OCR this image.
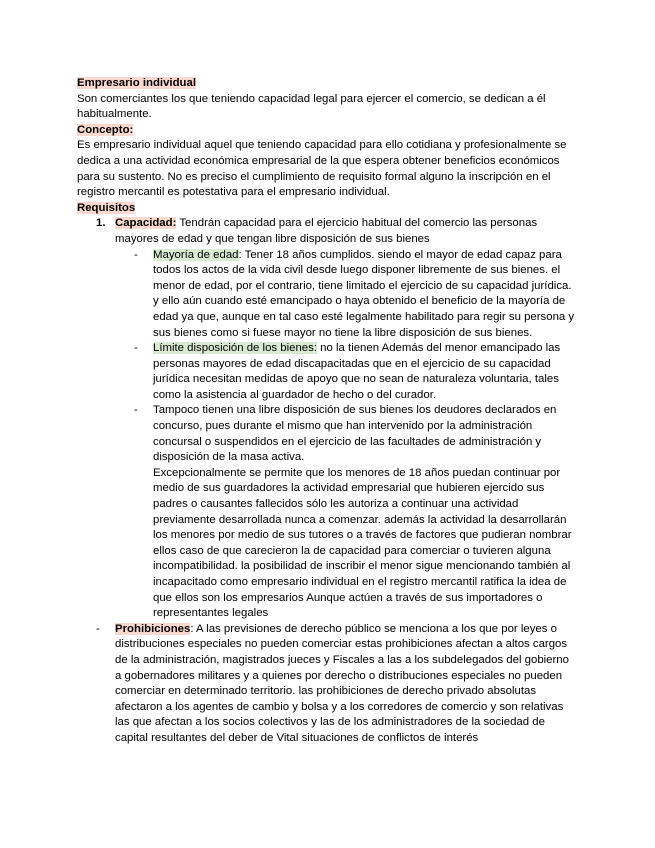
Empresario individual

Son comerciantes los que teniendo capacidad legal para ejercer el comercio, se dedican a él habitualmente.

Concepto:

Es empresario individual aquel que teniendo capacidad para ello cotidiana y profesionalmente se dedica a una actividad económica empresarial de la que espera obtener beneficios económicos para su sustento. No es preciso el cumplimiento de requisito formal alguno la inscripción en el registro mercantil es potestativa para el empresario individual.

Requisitos

1. Capacidad: Tendrán capacidad para el ejercicio habitual del comercio las personas mayores de edad y que tengan libre disposición de sus bienes
- Mayoría de edad: Tener 18 años cumplidos. siendo el mayor de edad capaz para todos los actos de la vida civil desde luego disponer libremente de sus bienes. el menor de edad, por el contrario, tiene limitado el ejercicio de su capacidad jurídica. y ello aún cuando esté emancipado o haya obtenido el beneficio de la mayoría de edad ya que, aunque en tal caso esté legalmente habilitado para regir su persona y sus bienes como si fuese mayor no tiene la libre disposición de sus bienes.
- Límite disposición de los bienes: no la tienen Además del menor emancipado las personas mayores de edad discapacitadas que en el ejercicio de su capacidad jurídica necesitan medidas de apoyo que no sean de naturaleza voluntaria, tales como la asistencia al guardador de hecho o del curador.
- Tampoco tienen una libre disposición de sus bienes los deudores declarados en concurso, pues durante el mismo que han intervenido por la administración concursal o suspendidos en el ejercicio de las facultades de administración y disposición de la masa activa.

Excepcionalmente se permite que los menores de 18 años puedan continuar por medio de sus guardadores la actividad empresarial que hubieren ejercido sus padres o causantes fallecidos sólo les autoriza a continuar una actividad previamente desarrollada nunca a comenzar. además la actividad la desarrollarán los menores por medio de sus tutores o a través de factores que pudieran nombrar ellos caso de que carecieron la de capacidad para comerciar o tuvieren alguna incompatibilidad. la posibilidad de inscribir el menor sigue mencionando también al incapacitado como empresario individual en el registro mercantil ratifica la idea de que ellos son los empresarios Aunque actúen a través de sus importadores o representantes legales

- Prohibiciones: A las previsiones de derecho público se menciona a los que por leyes o distribuciones especiales no pueden comerciar estas prohibiciones afectan a altos cargos de la administración, magistrados jueces y Fiscales a las a los subdelegados del gobierno a gobernadores militares y a quienes por derecho o distribuciones especiales no pueden comerciar en determinado territorio. las prohibiciones de derecho privado absolutas afectaron a los agentes de cambio y bolsa y a los corredores de comercio y son relativas las que afectan a los socios colectivos y las de los administradores de la sociedad de capital resultantes del deber de Vital situaciones de conflictos de interés
